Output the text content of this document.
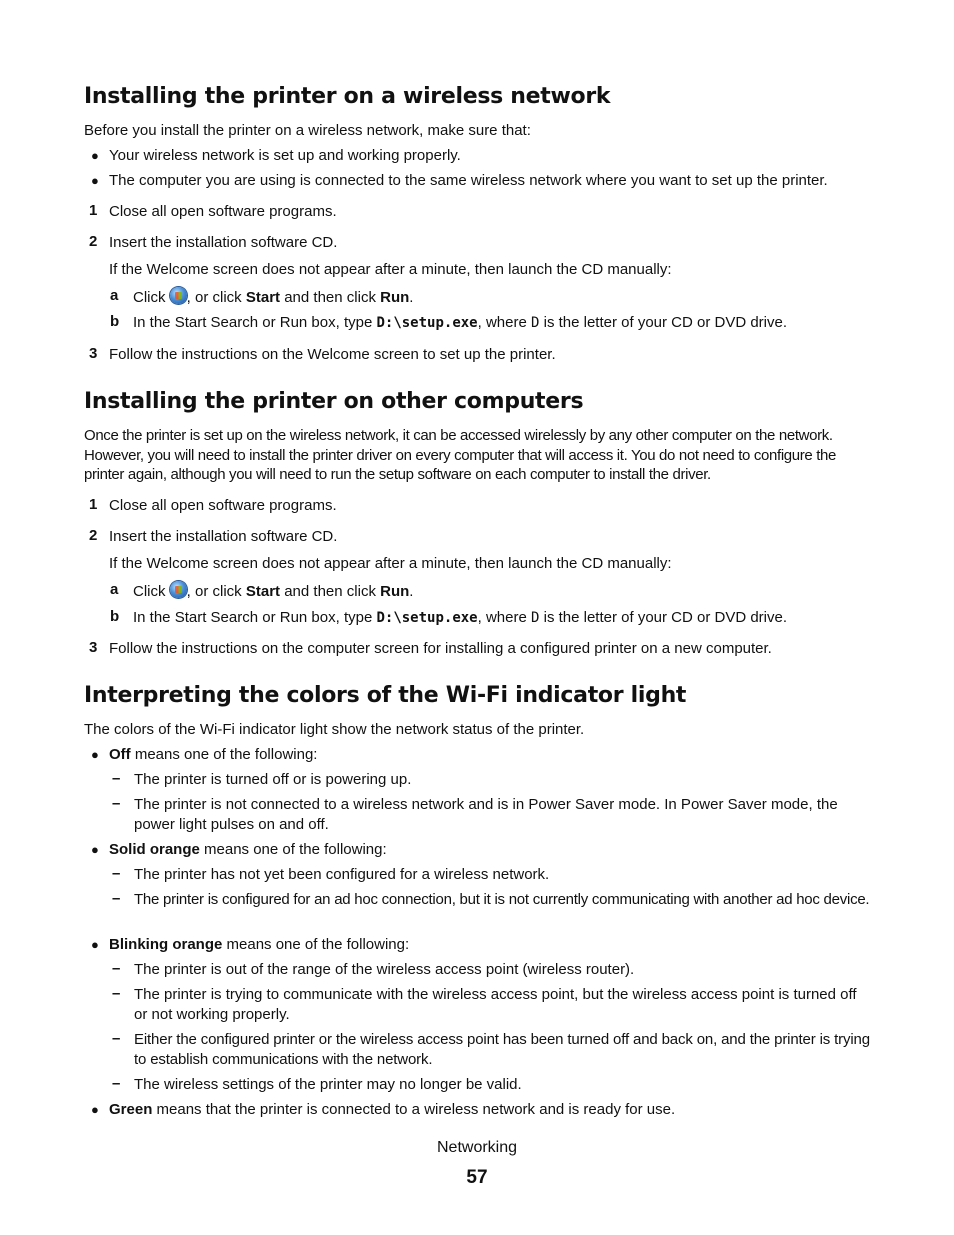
Installing the printer on a wireless network
Before you install the printer on a wireless network, make sure that:
● Your wireless network is set up and working properly.
● The computer you are using is connected to the same wireless network where you want to set up the printer.
1 Close all open software programs.
2 Insert the installation software CD.
If the Welcome screen does not appear after a minute, then launch the CD manually:
a Click , or click Start and then click Run.
b In the Start Search or Run box, type D:\setup.exe, where D is the letter of your CD or DVD drive.
3 Follow the instructions on the Welcome screen to set up the printer.
Installing the printer on other computers
Once the printer is set up on the wireless network, it can be accessed wirelessly by any other computer on the network. However, you will need to install the printer driver on every computer that will access it. You do not need to configure the printer again, although you will need to run the setup software on each computer to install the driver.
1 Close all open software programs.
2 Insert the installation software CD.
If the Welcome screen does not appear after a minute, then launch the CD manually:
a Click , or click Start and then click Run.
b In the Start Search or Run box, type D:\setup.exe, where D is the letter of your CD or DVD drive.
3 Follow the instructions on the computer screen for installing a configured printer on a new computer.
Interpreting the colors of the Wi-Fi indicator light
The colors of the Wi-Fi indicator light show the network status of the printer.
● Off means one of the following:
– The printer is turned off or is powering up.
– The printer is not connected to a wireless network and is in Power Saver mode. In Power Saver mode, the power light pulses on and off.
● Solid orange means one of the following:
– The printer has not yet been configured for a wireless network.
– The printer is configured for an ad hoc connection, but it is not currently communicating with another ad hoc device.
● Blinking orange means one of the following:
– The printer is out of the range of the wireless access point (wireless router).
– The printer is trying to communicate with the wireless access point, but the wireless access point is turned off or not working properly.
– Either the configured printer or the wireless access point has been turned off and back on, and the printer is trying to establish communications with the network.
– The wireless settings of the printer may no longer be valid.
● Green means that the printer is connected to a wireless network and is ready for use.
Networking
57
